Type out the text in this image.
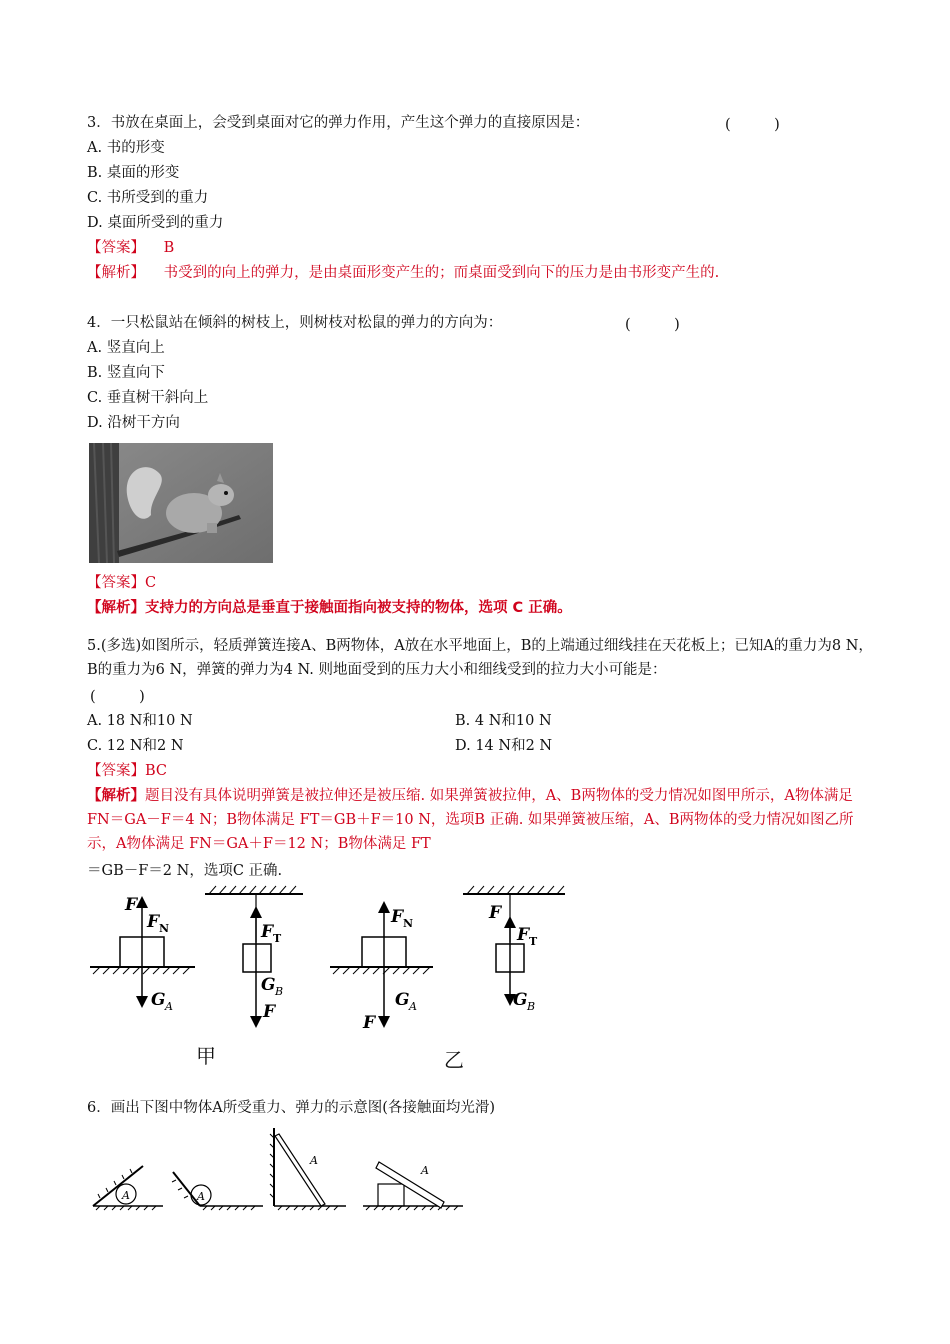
3．书放在桌面上，会受到桌面对它的弹力作用，产生这个弹力的直接原因是：	(　　　)
A. 书的形变
B. 桌面的形变
C. 书所受到的重力
D. 桌面所受到的重力
【答案】 B
【解析】 书受到的向上的弹力，是由桌面形变产生的；而桌面受到向下的压力是由书形变产生的.
4．一只松鼠站在倾斜的树枝上，则树枝对松鼠的弹力的方向为：	(　　　)
A. 竖直向上
B. 竖直向下
C. 垂直树干斜向上
D. 沿树干方向
【答案】C
【解析】支持力的方向总是垂直于接触面指向被支持的物体，选项 C 正确。
5.(多选)如图所示，轻质弹簧连接A、B两物体，A放在水平地面上，B的上端通过细线挂在天花板上；已知A的重力为8 N，B的重力为6 N，弹簧的弹力为4 N. 则地面受到的压力大小和细线受到的拉力大小可能是：
(　　　)
A. 18 N和10 N	B. 4 N和10 N
C. 12 N和2 N	D. 14 N和2 N
【答案】BC
【解析】题目没有具体说明弹簧是被拉伸还是被压缩. 如果弹簧被拉伸，A、B两物体的受力情况如图甲所示，A物体满足 FN＝GA－F＝4 N；B物体满足 FT＝GB＋F＝10 N，选项B 正确. 如果弹簧被压缩，A、B两物体的受力情况如图乙所示，A物体满足 FN＝GA＋F＝12 N；B物体满足 FT
＝GB－F＝2 N，选项C 正确.
F
F N
G A
F T
G B
F
F N
G A
F
F
F T
G B
甲	乙
6．画出下图中物体A所受重力、弹力的示意图(各接触面均光滑)
A	A
A
A
